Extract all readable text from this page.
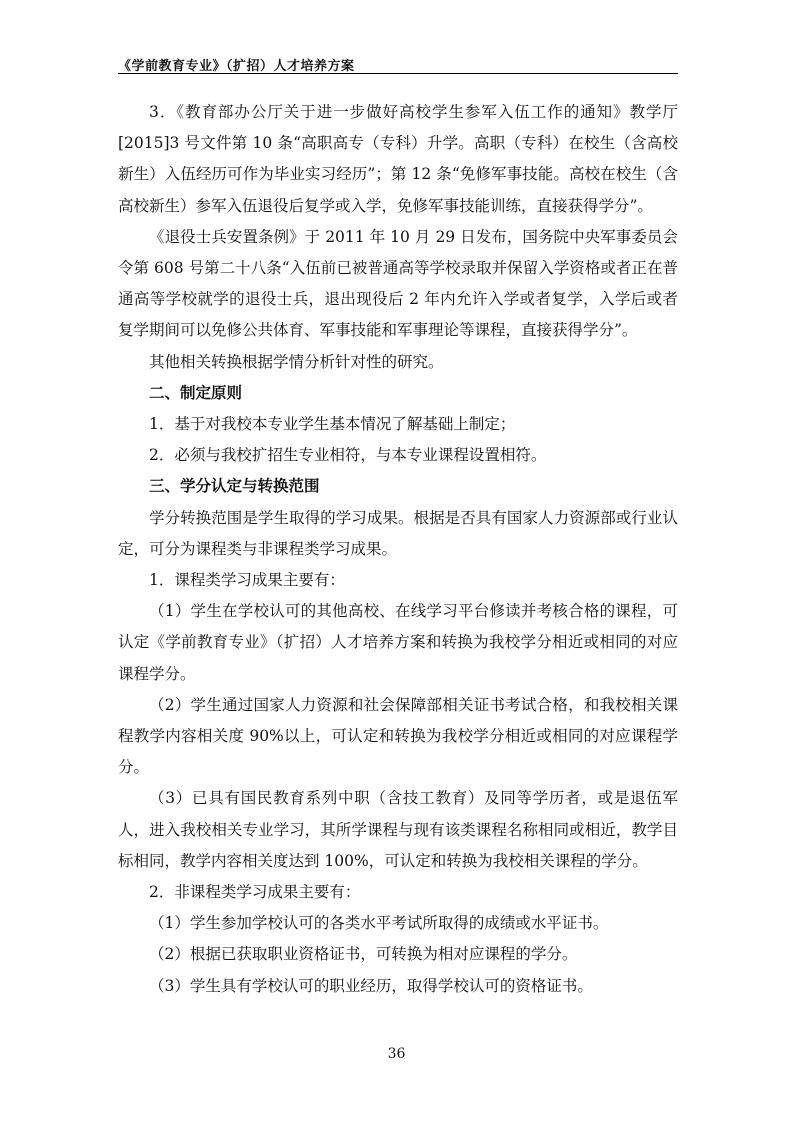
《学前教育专业》（扩招）人才培养方案

3．《教育部办公厅关于进一步做好高校学生参军入伍工作的通知》教学厅[2015]3 号文件第 10 条“高职高专（专科）升学。高职（专科）在校生（含高校新生）入伍经历可作为毕业实习经历”；第 12 条“免修军事技能。高校在校生（含高校新生）参军入伍退役后复学或入学，免修军事技能训练，直接获得学分”。

《退役士兵安置条例》于 2011 年 10 月 29 日发布，国务院中央军事委员会令第 608 号第二十八条“入伍前已被普通高等学校录取并保留入学资格或者正在普通高等学校就学的退役士兵，退出现役后 2 年内允许入学或者复学，入学后或者复学期间可以免修公共体育、军事技能和军事理论等课程，直接获得学分”。

其他相关转换根据学情分析针对性的研究。

二、制定原则

1．基于对我校本专业学生基本情况了解基础上制定；

2．必须与我校扩招生专业相符，与本专业课程设置相符。

三、学分认定与转换范围

学分转换范围是学生取得的学习成果。根据是否具有国家人力资源部或行业认定，可分为课程类与非课程类学习成果。

1．课程类学习成果主要有：

（1）学生在学校认可的其他高校、在线学习平台修读并考核合格的课程，可认定《学前教育专业》（扩招）人才培养方案和转换为我校学分相近或相同的对应课程学分。

（2）学生通过国家人力资源和社会保障部相关证书考试合格，和我校相关课程教学内容相关度 90%以上，可认定和转换为我校学分相近或相同的对应课程学分。

（3）已具有国民教育系列中职（含技工教育）及同等学历者，或是退伍军人，进入我校相关专业学习，其所学课程与现有该类课程名称相同或相近，教学目标相同，教学内容相关度达到 100%，可认定和转换为我校相关课程的学分。

2．非课程类学习成果主要有：

（1）学生参加学校认可的各类水平考试所取得的成绩或水平证书。

（2）根据已获取职业资格证书，可转换为相对应课程的学分。

（3）学生具有学校认可的职业经历，取得学校认可的资格证书。

36
